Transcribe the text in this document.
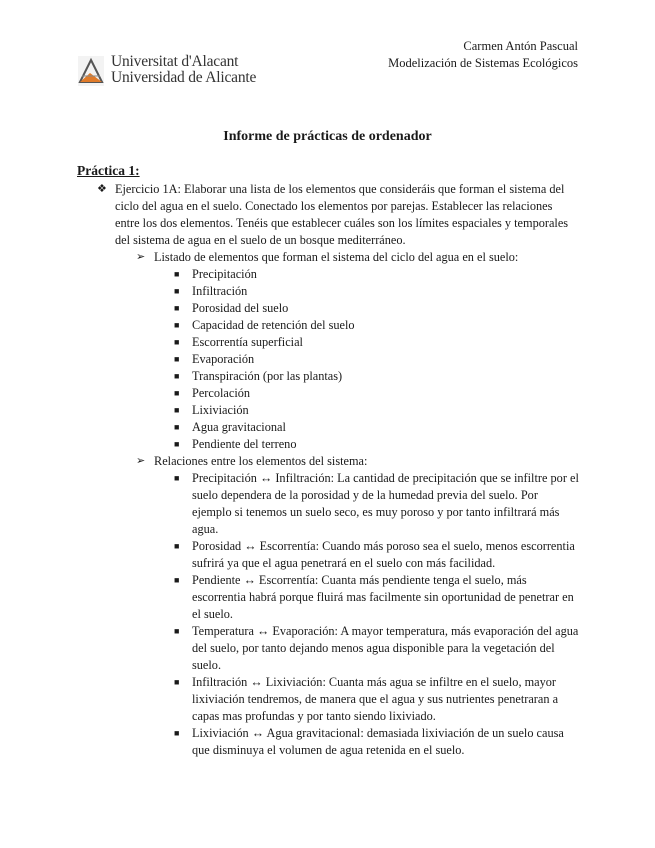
Universitat d'Alacant
Universidad de Alicante
Carmen Antón Pascual
Modelización de Sistemas Ecológicos
Informe de prácticas de ordenador
Práctica 1:
❖ Ejercicio 1A: Elaborar una lista de los elementos que consideráis que forman el sistema del ciclo del agua en el suelo. Conectado los elementos por parejas. Establecer las relaciones entre los dos elementos. Tenéis que establecer cuáles son los límites espaciales y temporales del sistema de agua en el suelo de un bosque mediterráneo.
➢ Listado de elementos que forman el sistema del ciclo del agua en el suelo:
■ Precipitación
■ Infiltración
■ Porosidad del suelo
■ Capacidad de retención del suelo
■ Escorrentía superficial
■ Evaporación
■ Transpiración (por las plantas)
■ Percolación
■ Lixiviación
■ Agua gravitacional
■ Pendiente del terreno
➢ Relaciones entre los elementos del sistema:
■ Precipitación ↔ Infiltración: La cantidad de precipitación que se infiltre por el suelo dependera de la porosidad y de la humedad previa del suelo. Por ejemplo si tenemos un suelo seco, es muy poroso y por tanto infiltrará más agua.
■ Porosidad ↔ Escorrentía: Cuando más poroso sea el suelo, menos escorrentia sufrirá ya que el agua penetrará en el suelo con más facilidad.
■ Pendiente ↔ Escorrentía: Cuanta más pendiente tenga el suelo, más escorrentia habrá porque fluirá mas facilmente sin oportunidad de penetrar en el suelo.
■ Temperatura ↔ Evaporación: A mayor temperatura, más evaporación del agua del suelo, por tanto dejando menos agua disponible para la vegetación del suelo.
■ Infiltración ↔ Lixiviación: Cuanta más agua se infiltre en el suelo, mayor lixiviación tendremos, de manera que el agua y sus nutrientes penetraran a capas mas profundas y por tanto siendo lixiviado.
■ Lixiviación ↔ Agua gravitacional: demasiada lixiviación de un suelo causa que disminuya el volumen de agua retenida en el suelo.
